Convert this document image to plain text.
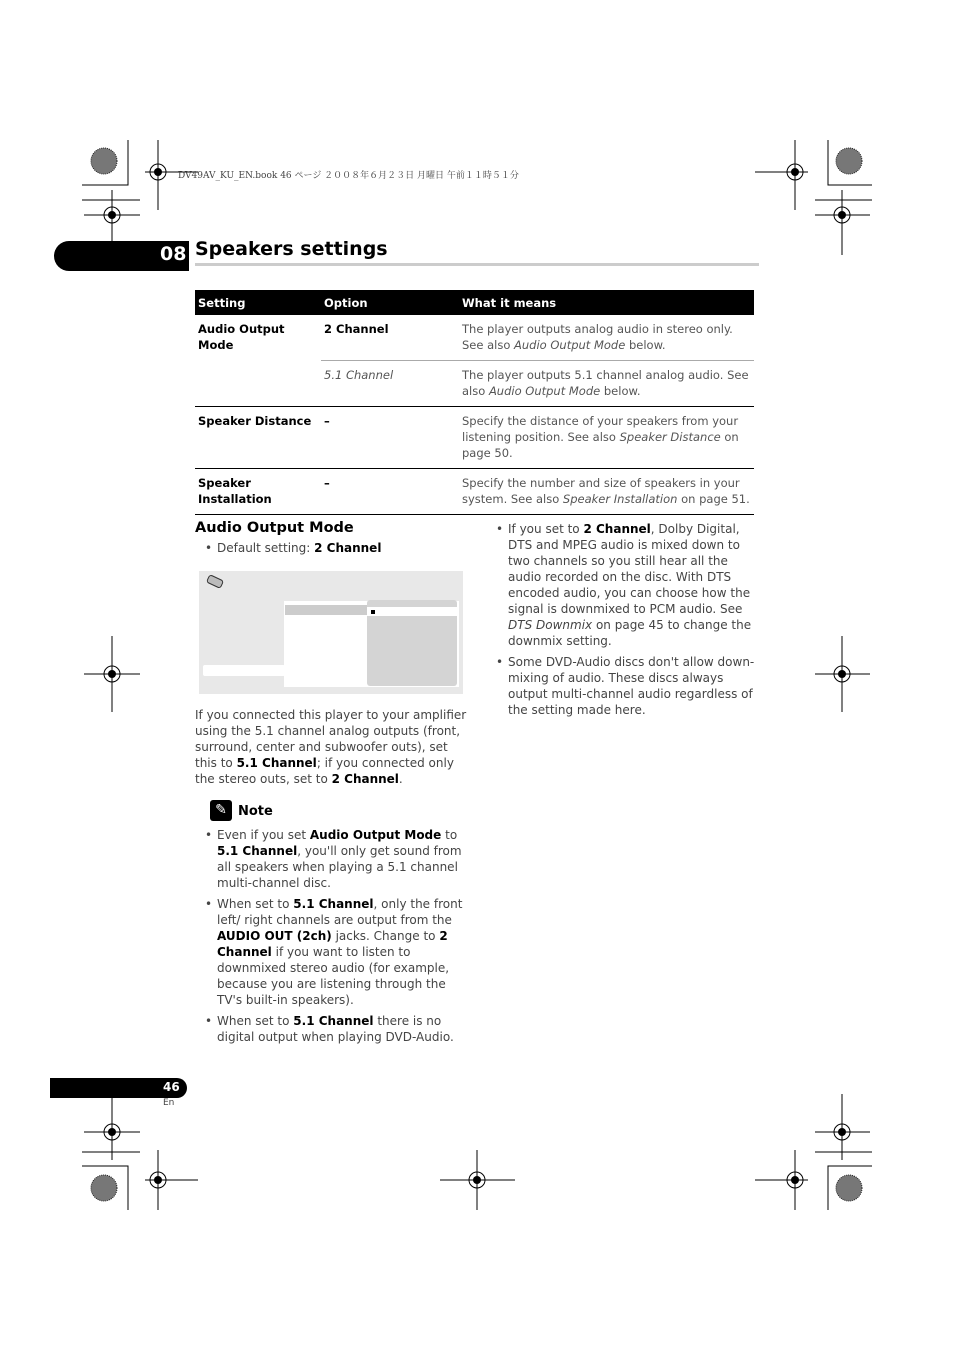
DV49AV_KU_EN.book 46 ページ ２００８年６月２３日 月曜日 午前１１時５１分
08 Speakers settings
Setting	Option	What it means
Audio Output Mode	2 Channel	The player outputs analog audio in stereo only. See also Audio Output Mode below.
	5.1 Channel	The player outputs 5.1 channel analog audio. See also Audio Output Mode below.
Speaker Distance	–	Specify the distance of your speakers from your listening position. See also Speaker Distance on page 50.
Speaker Installation	–	Specify the number and size of speakers in your system. See also Speaker Installation on page 51.
Audio Output Mode
• Default setting: 2 Channel
If you connected this player to your amplifier using the 5.1 channel analog outputs (front, surround, center and subwoofer outs), set this to 5.1 Channel; if you connected only the stereo outs, set to 2 Channel.
✎ Note
• Even if you set Audio Output Mode to 5.1 Channel, you'll only get sound from all speakers when playing a 5.1 channel multi-channel disc.
• When set to 5.1 Channel, only the front left/ right channels are output from the AUDIO OUT (2ch) jacks. Change to 2 Channel if you want to listen to downmixed stereo audio (for example, because you are listening through the TV's built-in speakers).
• When set to 5.1 Channel there is no digital output when playing DVD-Audio.
• If you set to 2 Channel, Dolby Digital, DTS and MPEG audio is mixed down to two channels so you still hear all the audio recorded on the disc. With DTS encoded audio, you can choose how the signal is downmixed to PCM audio. See DTS Downmix on page 45 to change the downmix setting.
• Some DVD-Audio discs don't allow down-mixing of audio. These discs always output multi-channel audio regardless of the setting made here.
46
En
